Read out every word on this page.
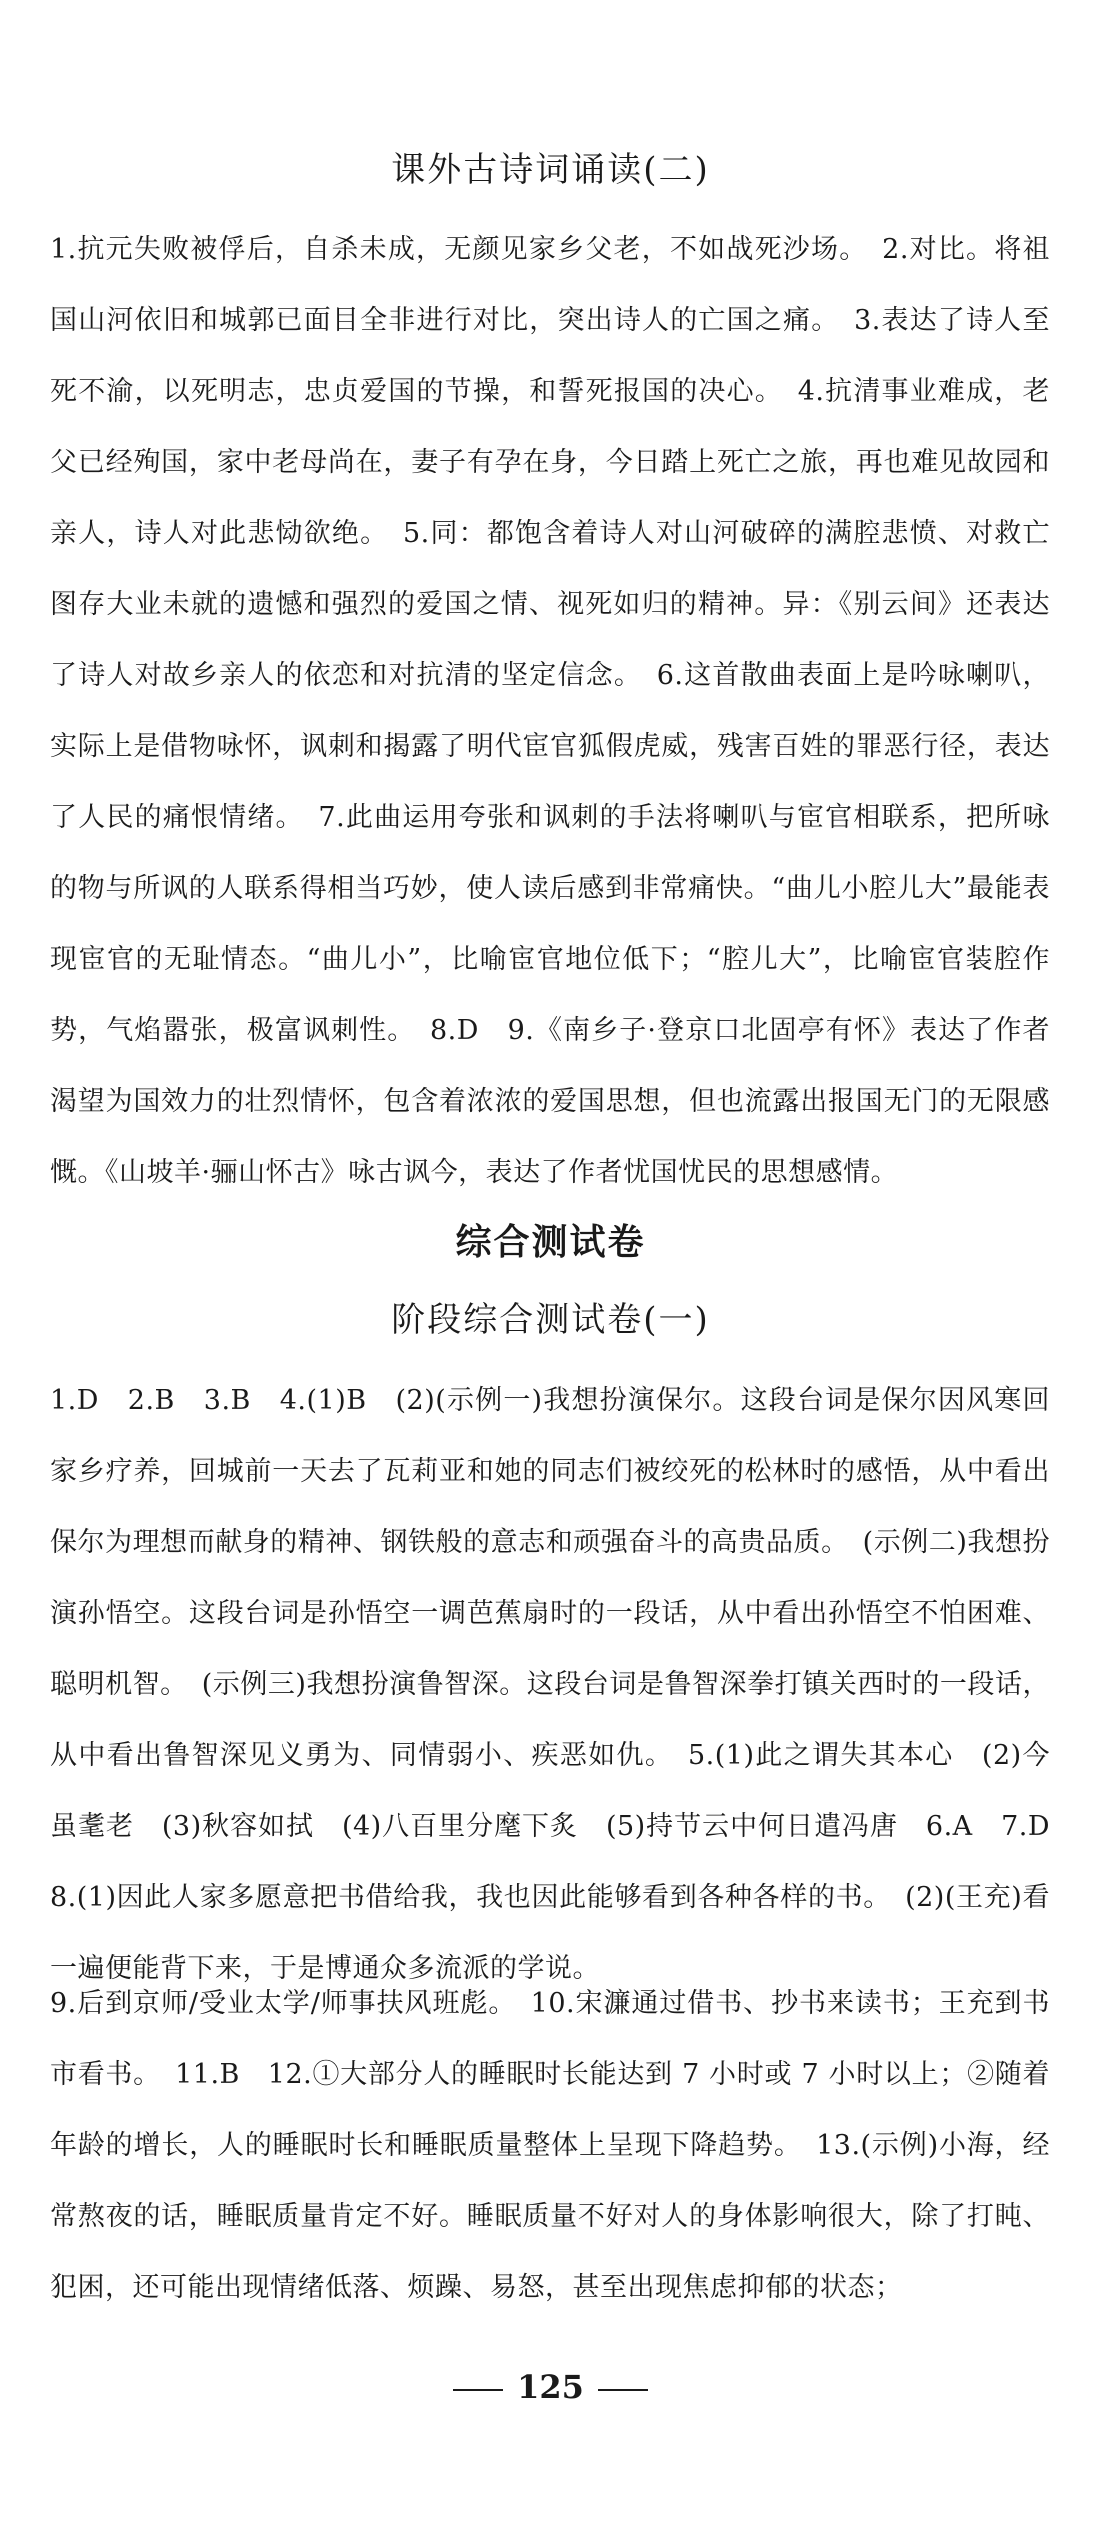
课外古诗词诵读(二)
1.抗元失败被俘后，自杀未成，无颜见家乡父老，不如战死沙场。　2.对比。将祖国山河依旧和城郭已面目全非进行对比，突出诗人的亡国之痛。　3.表达了诗人至死不渝，以死明志，忠贞爱国的节操，和誓死报国的决心。　4.抗清事业难成，老父已经殉国，家中老母尚在，妻子有孕在身，今日踏上死亡之旅，再也难见故园和亲人，诗人对此悲恸欲绝。　5.同：都饱含着诗人对山河破碎的满腔悲愤、对救亡图存大业未就的遗憾和强烈的爱国之情、视死如归的精神。异：《别云间》还表达了诗人对故乡亲人的依恋和对抗清的坚定信念。　6.这首散曲表面上是吟咏喇叭，实际上是借物咏怀，讽刺和揭露了明代宦官狐假虎威，残害百姓的罪恶行径，表达了人民的痛恨情绪。　7.此曲运用夸张和讽刺的手法将喇叭与宦官相联系，把所咏的物与所讽的人联系得相当巧妙，使人读后感到非常痛快。“曲儿小腔儿大”最能表现宦官的无耻情态。“曲儿小”，比喻宦官地位低下；“腔儿大”，比喻宦官装腔作势，气焰嚣张，极富讽刺性。　8.D　9.《南乡子·登京口北固亭有怀》表达了作者渴望为国效力的壮烈情怀，包含着浓浓的爱国思想，但也流露出报国无门的无限感慨。《山坡羊·骊山怀古》咏古讽今，表达了作者忧国忧民的思想感情。
综合测试卷
阶段综合测试卷(一)
1.D　2.B　3.B　4.(1)B　(2)(示例一)我想扮演保尔。这段台词是保尔因风寒回家乡疗养，回城前一天去了瓦莉亚和她的同志们被绞死的松林时的感悟，从中看出保尔为理想而献身的精神、钢铁般的意志和顽强奋斗的高贵品质。　(示例二)我想扮演孙悟空。这段台词是孙悟空一调芭蕉扇时的一段话，从中看出孙悟空不怕困难、聪明机智。　(示例三)我想扮演鲁智深。这段台词是鲁智深拳打镇关西时的一段话，从中看出鲁智深见义勇为、同情弱小、疾恶如仇。　5.(1)此之谓失其本心　(2)今虽耄老　(3)秋容如拭　(4)八百里分麾下炙　(5)持节云中何日遣冯唐　6.A　7.D　8.(1)因此人家多愿意把书借给我，我也因此能够看到各种各样的书。　(2)(王充)看一遍便能背下来，于是博通众多流派的学说。
9.后到京师/受业太学/师事扶风班彪。　10.宋濂通过借书、抄书来读书；王充到书市看书。　11.B　12.①大部分人的睡眠时长能达到 7 小时或 7 小时以上；②随着年龄的增长，人的睡眠时长和睡眠质量整体上呈现下降趋势。　13.(示例)小海，经常熬夜的话，睡眠质量肯定不好。睡眠质量不好对人的身体影响很大，除了打盹、犯困，还可能出现情绪低落、烦躁、易怒，甚至出现焦虑抑郁的状态；
125
